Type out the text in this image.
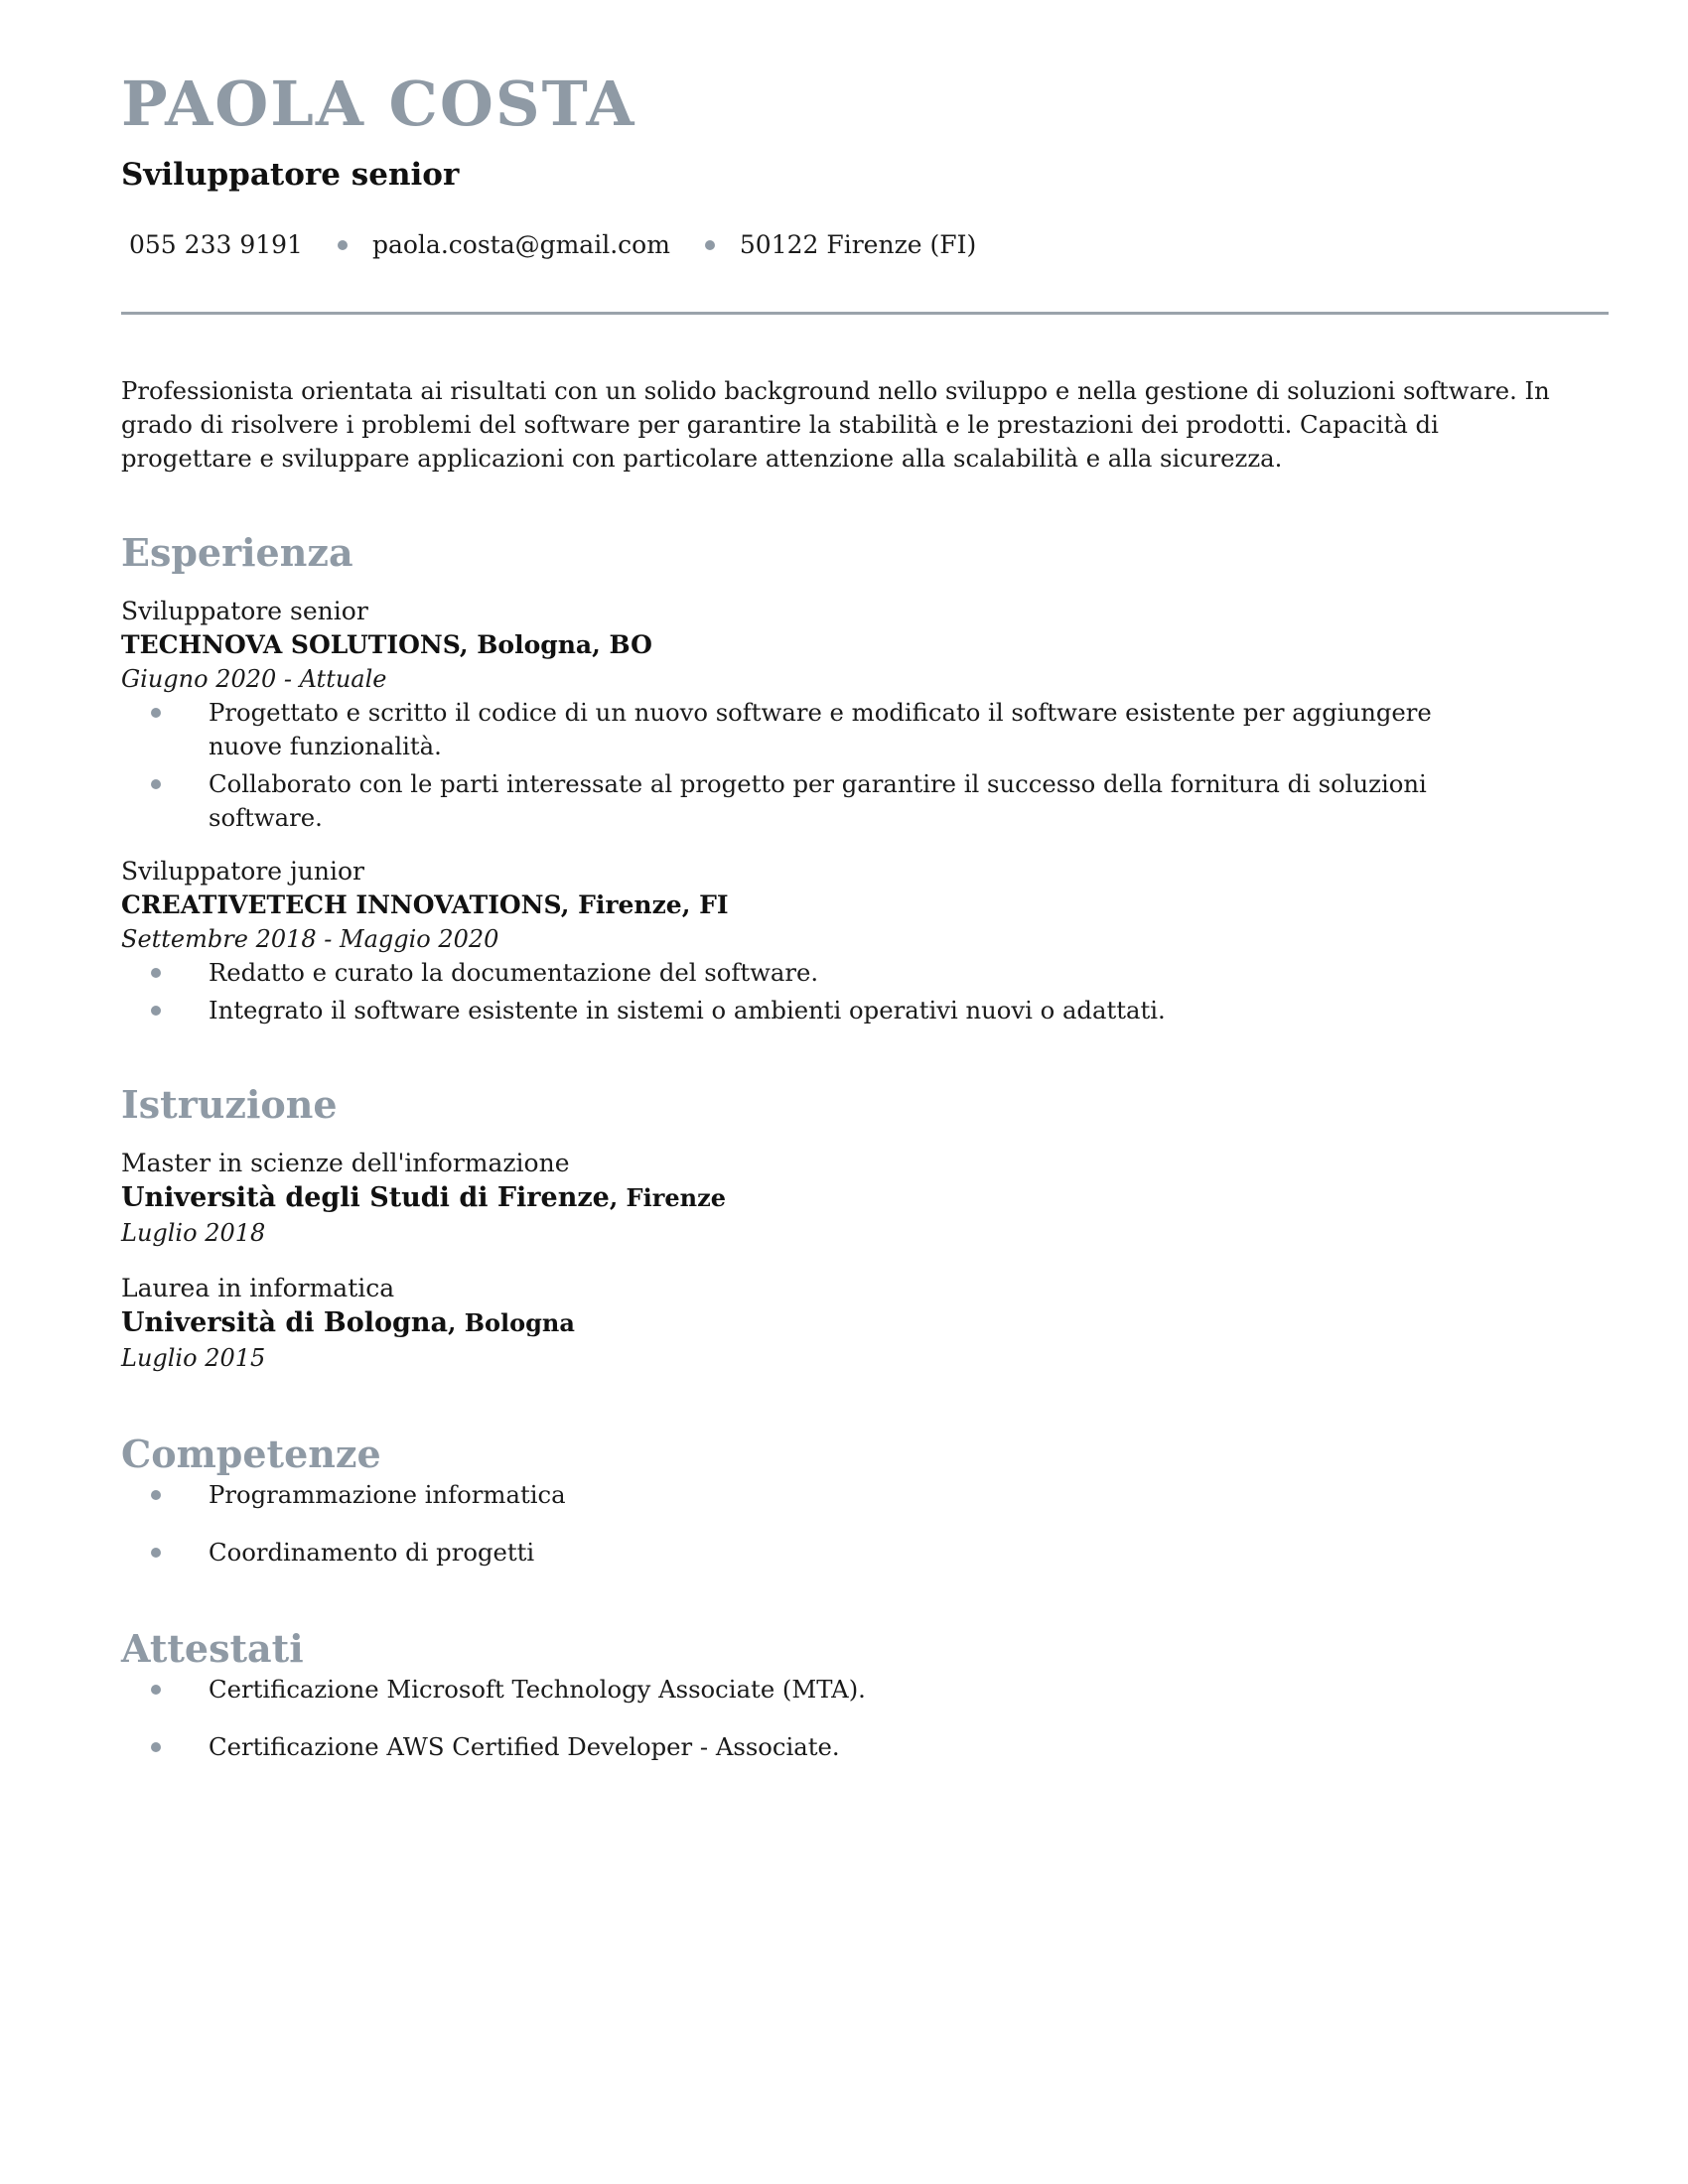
PAOLA COSTA
Sviluppatore senior
055 233 9191	paola.costa@gmail.com	50122 Firenze (FI)
Professionista orientata ai risultati con un solido background nello sviluppo e nella gestione di soluzioni software. In grado di risolvere i problemi del software per garantire la stabilità e le prestazioni dei prodotti. Capacità di progettare e sviluppare applicazioni con particolare attenzione alla scalabilità e alla sicurezza.
Esperienza
Sviluppatore senior
TECHNOVA SOLUTIONS, Bologna, BO
Giugno 2020 - Attuale
Progettato e scritto il codice di un nuovo software e modificato il software esistente per aggiungere nuove funzionalità.
Collaborato con le parti interessate al progetto per garantire il successo della fornitura di soluzioni software.
Sviluppatore junior
CREATIVETECH INNOVATIONS, Firenze, FI
Settembre 2018 - Maggio 2020
Redatto e curato la documentazione del software.
Integrato il software esistente in sistemi o ambienti operativi nuovi o adattati.
Istruzione
Master in scienze dell'informazione
Università degli Studi di Firenze, Firenze
Luglio 2018
Laurea in informatica
Università di Bologna, Bologna
Luglio 2015
Competenze
Programmazione informatica
Coordinamento di progetti
Attestati
Certificazione Microsoft Technology Associate (MTA).
Certificazione AWS Certified Developer - Associate.
